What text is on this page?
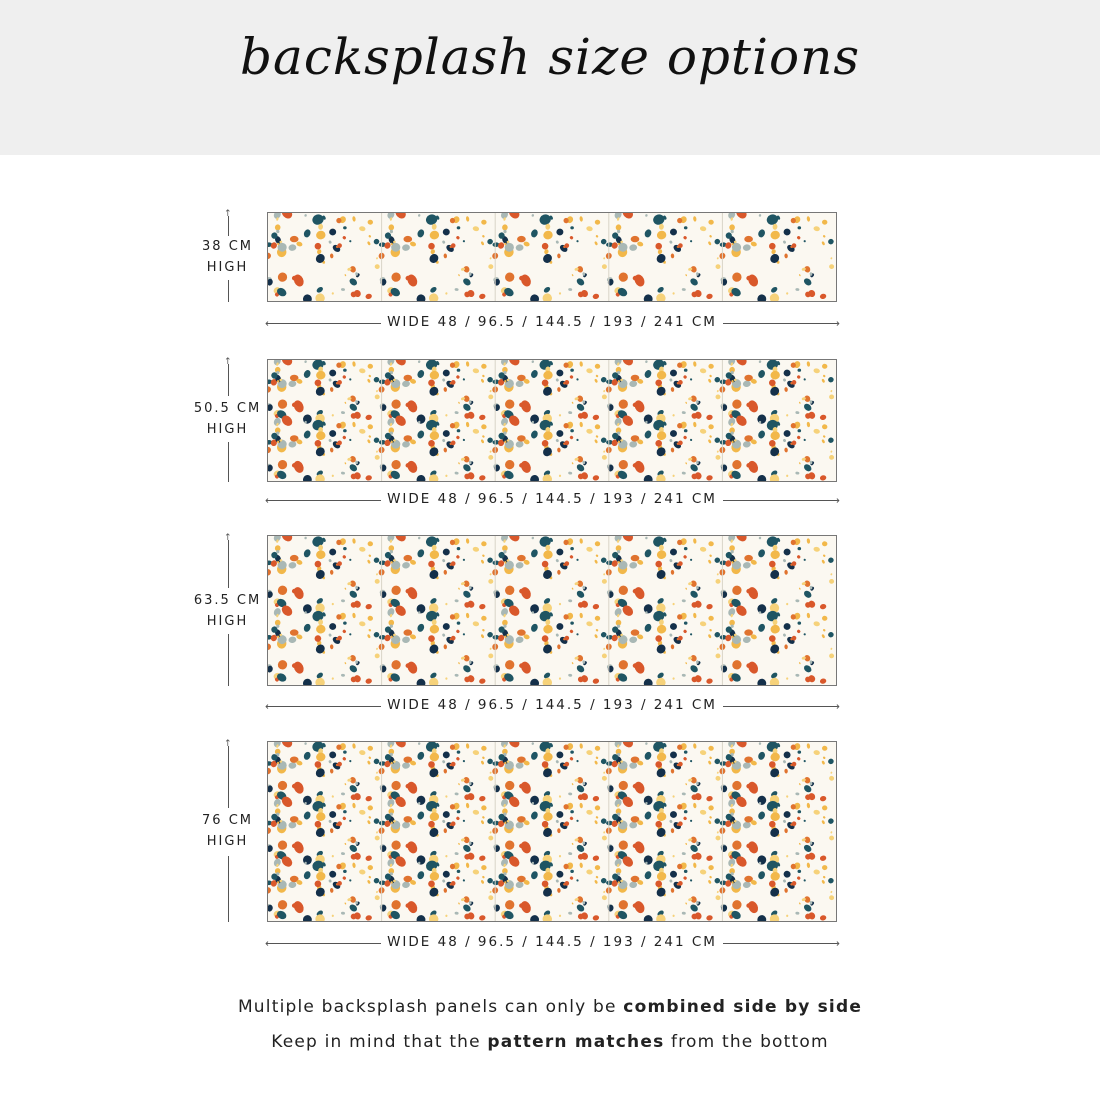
backsplash size options
38 CM
HIGH
↑
←	→
WIDE 48 / 96.5 / 144.5 / 193 / 241 CM
50.5 CM
HIGH
↑
←	→
WIDE 48 / 96.5 / 144.5 / 193 / 241 CM
63.5 CM
HIGH
↑
←	→
WIDE 48 / 96.5 / 144.5 / 193 / 241 CM
76 CM
HIGH
↑
←	→
WIDE 48 / 96.5 / 144.5 / 193 / 241 CM
Multiple backsplash panels can only be combined side by side
Keep in mind that the pattern matches from the bottom
